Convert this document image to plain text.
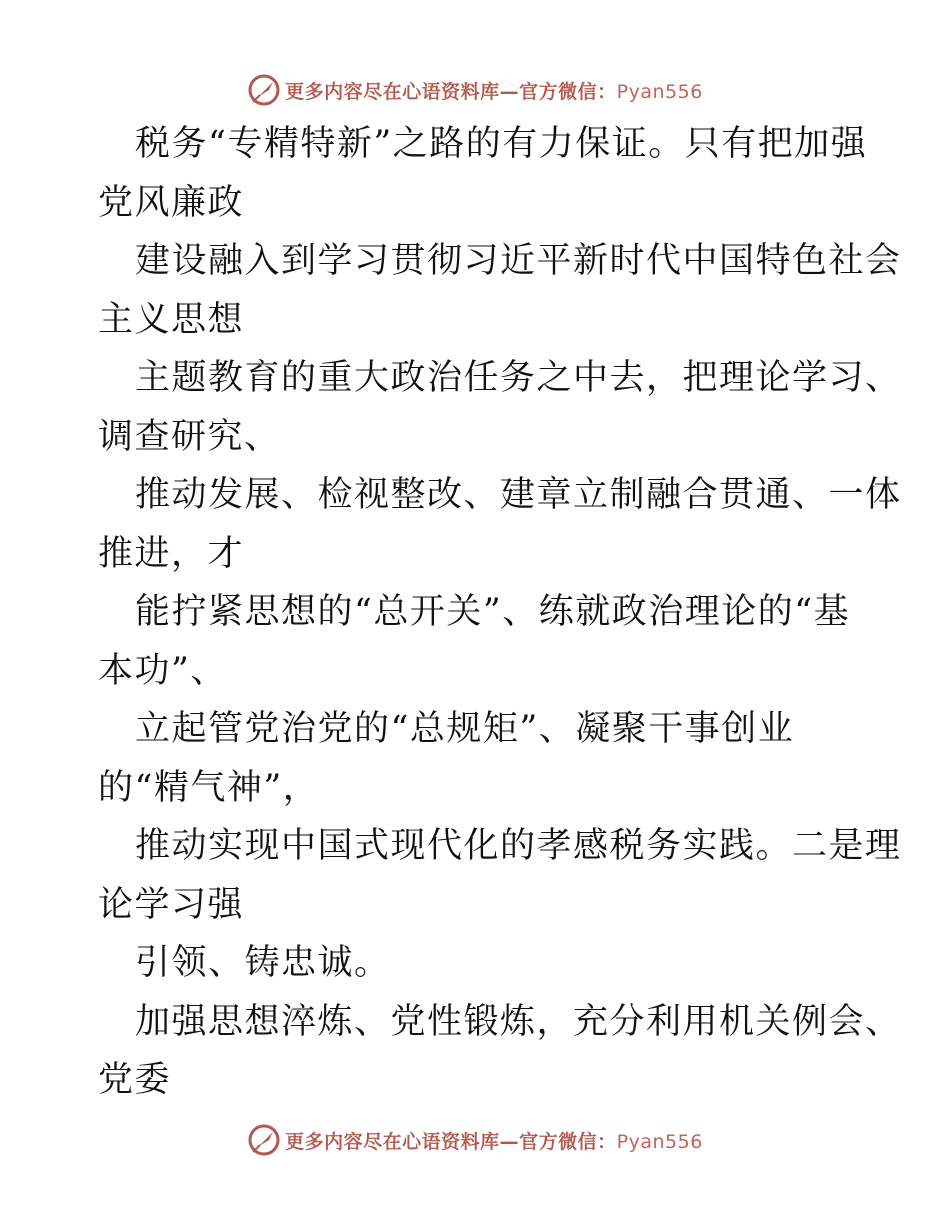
更多内容尽在心语资料库—官方微信：Pyan556
税务“专精特新”之路的有力保证。只有把加强
党风廉政
建设融入到学习贯彻习近平新时代中国特色社会
主义思想
主题教育的重大政治任务之中去，把理论学习、
调查研究、
推动发展、检视整改、建章立制融合贯通、一体
推进，才
能拧紧思想的“总开关”、练就政治理论的“基
本功”、
立起管党治党的“总规矩”、凝聚干事创业
的“精气神”，
推动实现中国式现代化的孝感税务实践。二是理
论学习强
引领、铸忠诚。
加强思想淬炼、党性锻炼，充分利用机关例会、
党委
更多内容尽在心语资料库—官方微信：Pyan556
